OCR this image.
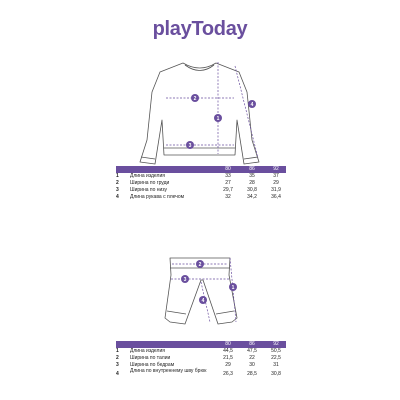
playToday
2
1
3
4
2
3
1
4
80	86	92
1	Длина изделия	33	35	37
2	Ширина по груди	27	28	29
3	Ширина по низу	29,7	30,8	31,9
4	Длина рукава с плечом	32	34,2	36,4
80	86	92
1	Длина изделия	44,5	47,5	50,5
2	Ширина по талии	21,5	22	22,5
3	Ширина по бедрам	29	30	31
4	Длина по внутреннему шву брюк	26,3	28,5	30,8
